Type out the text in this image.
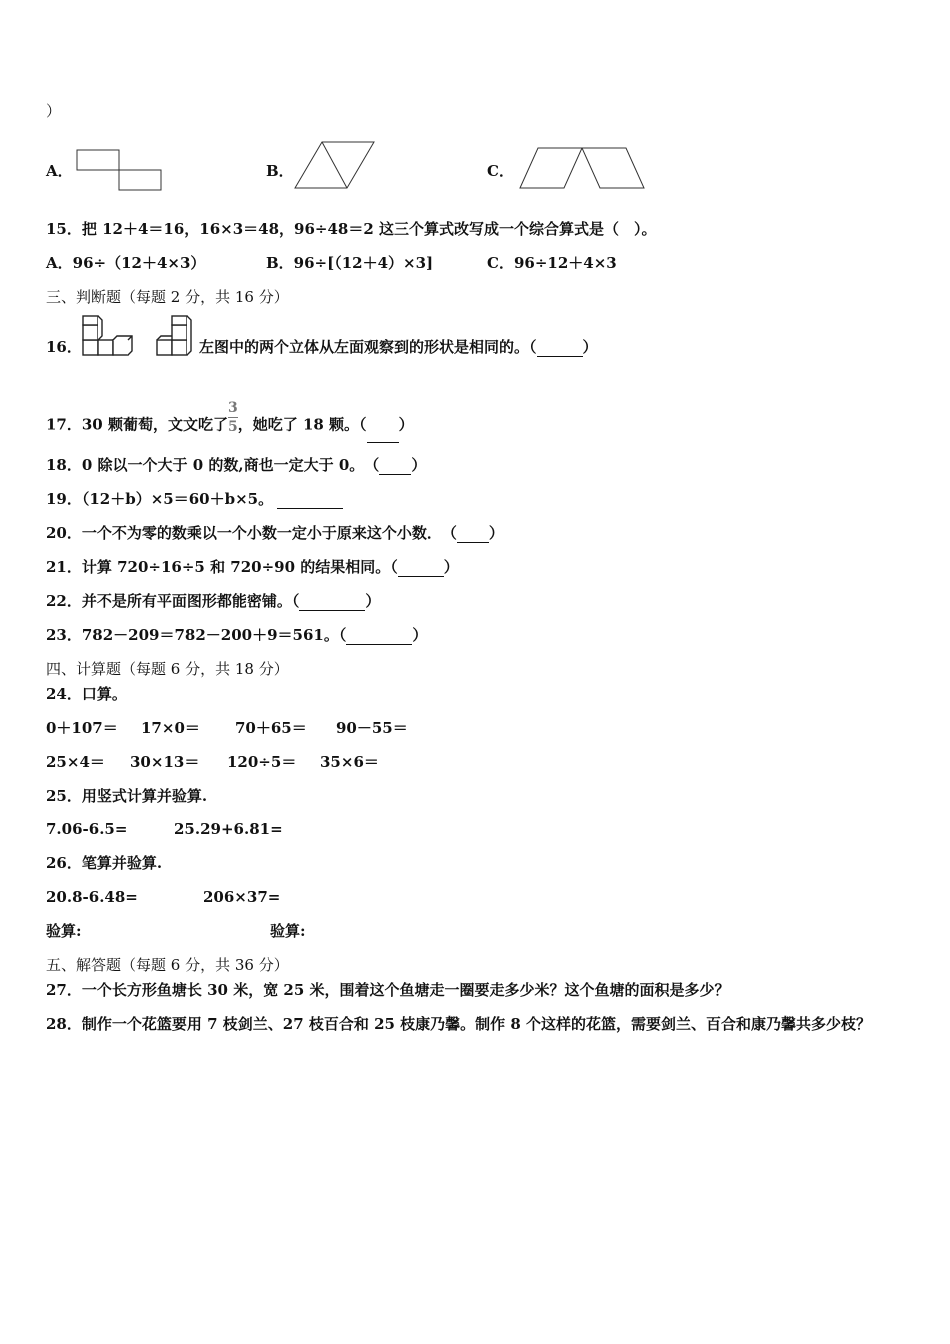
）
A．	B．	C．
15．把 12＋4＝16，16×3＝48，96÷48＝2 这三个算式改写成一个综合算式是（　）。
A．96÷（12＋4×3）	B．96÷[（12＋4）×3]	C．96÷12＋4×3
三、判断题（每题 2 分，共 16 分）
16．	左图中的两个立体从左面观察到的形状是相同的。（	）
17．30 颗葡萄，文文吃了 $\frac{3}{5}$ ，她吃了 18 颗。（ ）
18．0 除以一个大于 0 的数,商也一定大于 0。　（ ）
19．（12＋b）×5＝60＋b×5。
20．一个不为零的数乘以一个小数一定小于原来这个小数．　（ ）
21．计算 720÷16÷5 和 720÷90 的结果相同。（	）
22．并不是所有平面图形都能密铺。（	）
23．782－209＝782－200＋9＝561。（	）
四、计算题（每题 6 分，共 18 分）
24．口算。
0＋107＝ 17×0＝ 70＋65＝ 90－55＝
25×4＝ 30×13＝ 120÷5＝ 35×6＝
25．用竖式计算并验算.
7.06-6.5=	25.29+6.81=
26．笔算并验算.
20.8-6.48=	206×37=
验算:	验算:
五、解答题（每题 6 分，共 36 分）
27．一个长方形鱼塘长 30 米，宽 25 米，围着这个鱼塘走一圈要走多少米？这个鱼塘的面积是多少？
28．制作一个花篮要用 7 枝剑兰、27 枝百合和 25 枝康乃馨。制作 8 个这样的花篮，需要剑兰、百合和康乃馨共多少枝？
